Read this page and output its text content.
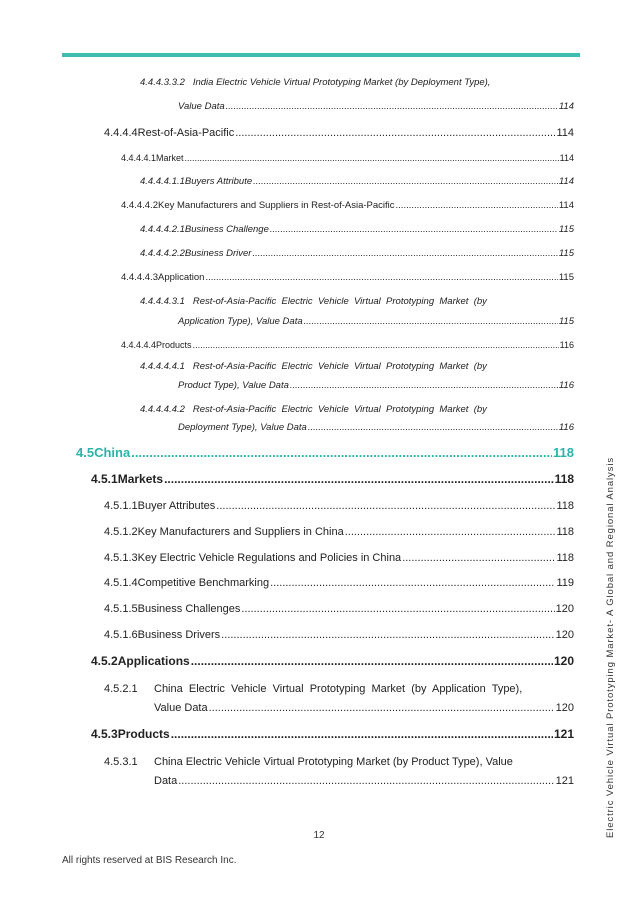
4.4.4.3.3.2 India Electric Vehicle Virtual Prototyping Market (by Deployment Type),
Value Data .....	114
4.4.4.4 Rest-of-Asia-Pacific .....	114
4.4.4.4.1 Market .....	114
4.4.4.4.1.1 Buyers Attribute .....	114
4.4.4.4.2 Key Manufacturers and Suppliers in Rest-of-Asia-Pacific .....	114
4.4.4.4.2.1 Business Challenge .....	115
4.4.4.4.2.2 Business Driver .....	115
4.4.4.4.3 Application .....	115
4.4.4.4.3.1 Rest-of-Asia-Pacific  Electric  Vehicle  Virtual  Prototyping  Market  (by
Application Type), Value Data .....	115
4.4.4.4.4 Products .....	116
4.4.4.4.4.1 Rest-of-Asia-Pacific  Electric  Vehicle  Virtual  Prototyping  Market  (by
Product Type), Value Data .....	116
4.4.4.4.4.2 Rest-of-Asia-Pacific  Electric  Vehicle  Virtual  Prototyping  Market  (by
Deployment Type), Value Data .....	116
4.5 China .....	118
4.5.1 Markets .....	118
4.5.1.1 Buyer Attributes .....	118
4.5.1.2 Key Manufacturers and Suppliers in China .....	118
4.5.1.3 Key Electric Vehicle Regulations and Policies in China .....	118
4.5.1.4 Competitive Benchmarking .....	119
4.5.1.5 Business Challenges .....	120
4.5.1.6 Business Drivers .....	120
4.5.2 Applications .....	120
4.5.2.1 China  Electric  Vehicle  Virtual  Prototyping  Market  (by  Application  Type),
Value Data .....	120
4.5.3 Products .....	121
4.5.3.1 China Electric Vehicle Virtual Prototyping Market (by Product Type), Value
Data .....	121	Electric Vehicle Virtual Prototyping Market- A Global and Regional Analysis
12
All rights reserved at BIS Research Inc.
